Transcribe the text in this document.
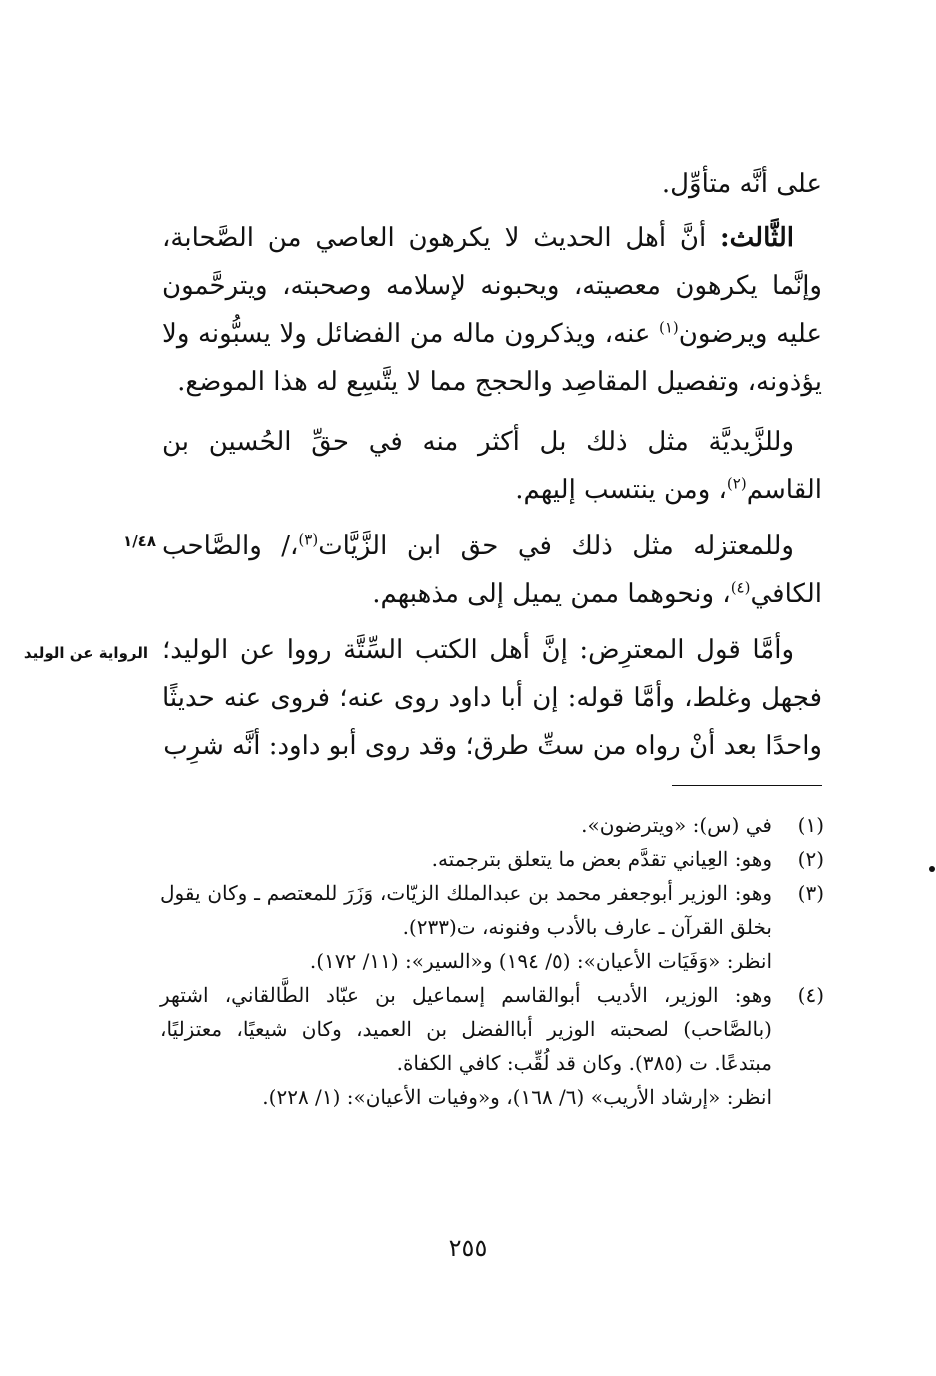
على أنَّه متأوِّل.
الثَّالث: أنَّ أهل الحديث لا يكرهون العاصي من الصَّحابة، وإنَّما يكرهون معصيته، ويحبونه لإسلامه وصحبته، ويترحَّمون عليه ويرضون$^{(١)}$ عنه، ويذكرون ماله من الفضائل ولا يسبُّونه ولا يؤذونه، وتفصيل المقاصِد والحجج مما لا يتَّسِع له هذا الموضع.
وللزَّيديَّة مثل ذلك بل أكثر منه في حقِّ الحُسين بن القاسم$^{(٢)}$، ومن ينتسب إليهم.
وللمعتزله مثل ذلك في حق ابن الزَّيَّات$^{(٣)}$،/ والصَّاحب الكافي$^{(٤)}$، ونحوهما ممن يميل إلى مذهبهم.
وأمَّا قول المعترِض: إنَّ أهل الكتب السِّتَّة رووا عن الوليد؛ فجهل وغلط، وأمَّا قوله: إن أبا داود روى عنه؛ فروى عنه حديثًا واحدًا بعد أنْ رواه من ستِّ طرق؛ وقد روى أبو داود: أنَّه شرِب
١/٤٨
الرواية عن الوليد
(١)
في (س): «ويترضون».
(٢)
وهو: العِياني تقدَّم بعض ما يتعلق بترجمته.
(٣)
وهو: الوزير أبوجعفر محمد بن عبدالملك الزيّات، وَزَرَ للمعتصم ـ وكان يقول بخلق القرآن ـ عارف بالأدب وفنونه، ت(٢٣٣).
انظر: «وَفَيَات الأعيان»: (٥/ ١٩٤) و«السير»: (١١/ ١٧٢).
(٤)
وهو: الوزير، الأديب أبوالقاسم إسماعيل بن عبّاد الطَّالقاني، اشتهر (بالصَّاحب) لصحبته الوزير أباالفضل بن العميد، وكان شيعيًا، معتزليًا، مبتدعًا. ت (٣٨٥). وكان قد لُقِّب: كافي الكفاة.
انظر: «إرشاد الأريب» (٦/ ١٦٨)، و«وفيات الأعيان»: (١/ ٢٢٨).
٢٥٥
